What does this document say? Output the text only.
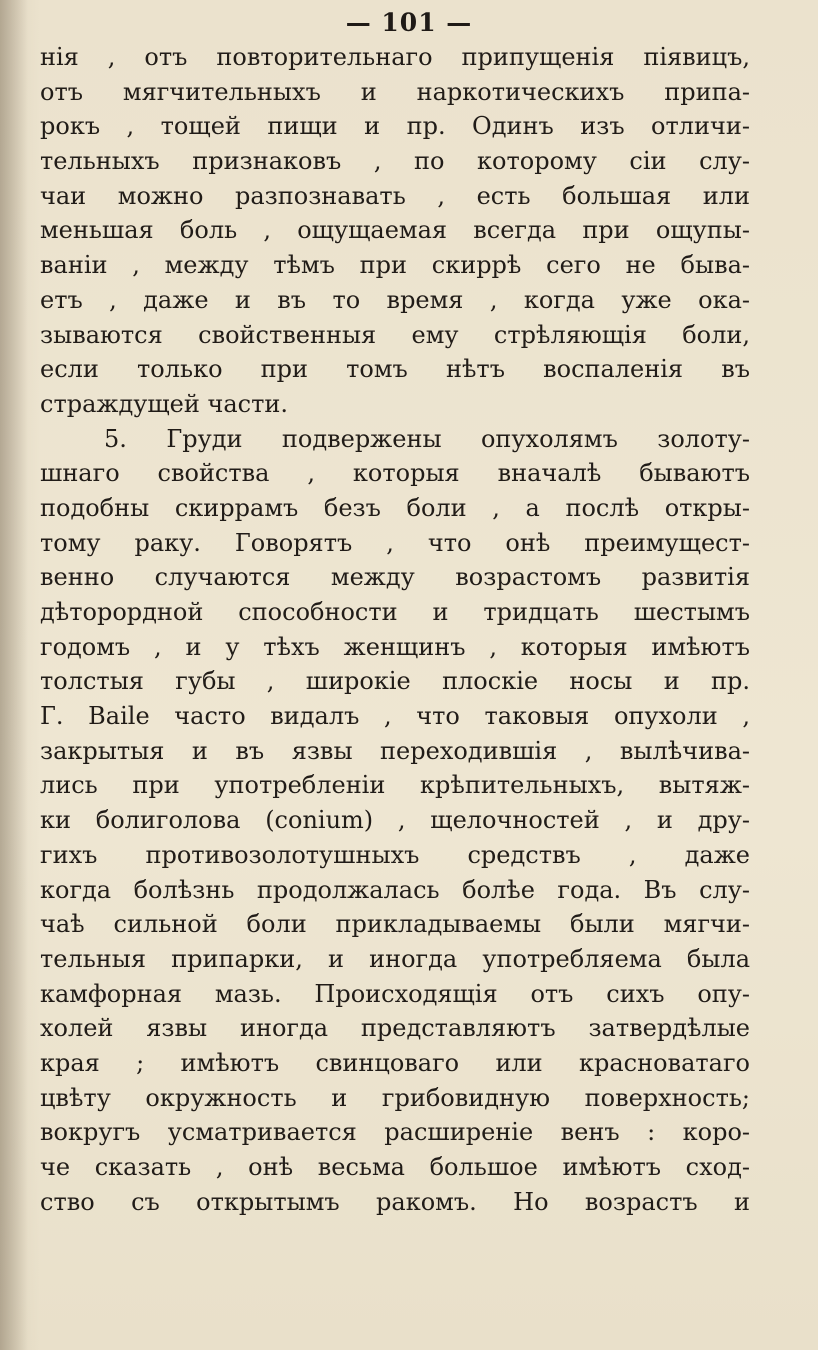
— 101 —
нія , отъ повторительнаго припущенія піявицъ,
отъ мягчительныхъ и наркотическихъ припа-
рокъ , тощей пищи и пр. Одинъ изъ отличи-
тельныхъ признаковъ , по которому сіи слу-
чаи можно разпознавать , есть большая или
меньшая боль , ощущаемая всегда при ощупы-
ваніи , между тѣмъ при скиррѣ сего не быва-
етъ , даже и въ то время , когда уже ока-
зываются свойственныя ему стрѣляющія боли,
если только при томъ нѣтъ воспаленія въ
страждущей части.
5. Груди подвержены опухолямъ золоту-
шнаго свойства , которыя вначалѣ бываютъ
подобны скиррамъ безъ боли , а послѣ откры-
тому раку. Говорятъ , что онѣ преимущест-
венно случаются между возрастомъ развитія
дѣторордной способности и тридцать шестымъ
годомъ , и у тѣхъ женщинъ , которыя имѣютъ
толстыя губы , широкіе плоскіе носы и пр.
Г. Baile часто видалъ , что таковыя опухоли ,
закрытыя и въ язвы переходившія , вылѣчива-
лись при употребленіи крѣпительныхъ, вытяж-
ки болиголова (conium) , щелочностей , и дру-
гихъ противозолотушныхъ средствъ , даже
когда болѣзнь продолжалась болѣе года. Въ слу-
чаѣ сильной боли прикладываемы были мягчи-
тельныя припарки, и иногда употребляема была
камфорная мазь. Происходящія отъ сихъ опу-
холей язвы иногда представляютъ затвердѣлые
края ; имѣютъ свинцоваго или красноватаго
цвѣту окружность и грибовидную поверхность;
вокругъ усматривается расширеніе венъ : коро-
че сказать , онѣ весьма большое имѣютъ сход-
ство съ открытымъ ракомъ. Но возрастъ и
